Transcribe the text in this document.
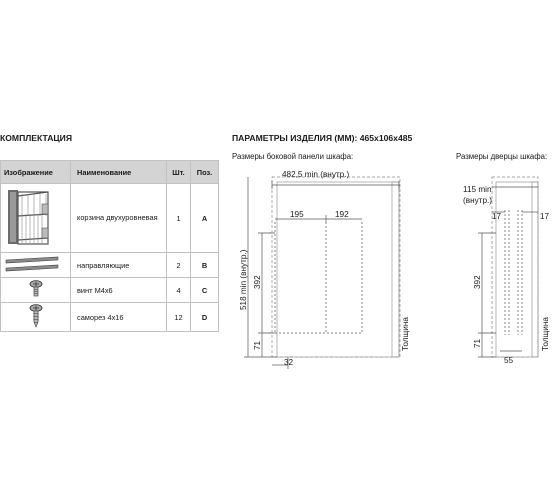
КОМПЛЕКТАЦИЯ	ПАРАМЕТРЫ ИЗДЕЛИЯ (ММ): 465х106х485
Размеры боковой панели шкафа:	Размеры дверцы шкафа:
Изображение	Наименование	Шт.	Поз.
	корзина двухуровневая	1	A
	направляющие	2	B
	винт М4х6	4	C
	саморез 4х16	12	D
482,5 min (внутр.)
195	192
518 min (внутр.) 392
71
32
Толщина
115 min
(внутр.)
17	17
392
71
55
Толщина
